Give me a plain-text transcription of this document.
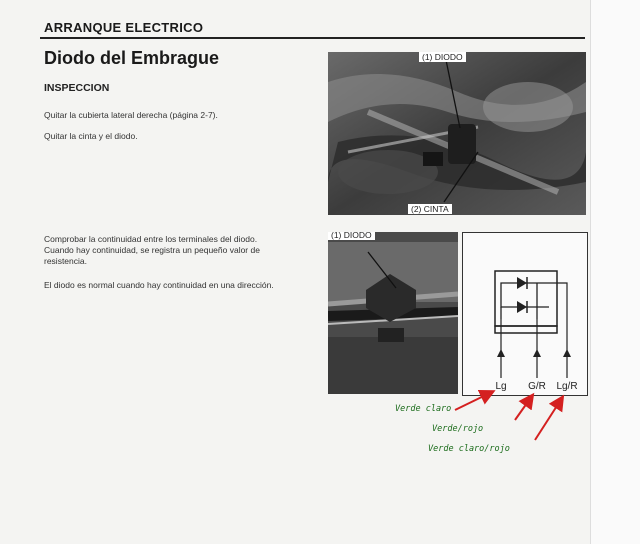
ARRANQUE ELECTRICO
Diodo del Embrague
INSPECCION
Quitar la cubierta lateral derecha (página 2-7).
Quitar la cinta y el diodo.
Comprobar la continuidad entre los terminales del diodo.
Cuando hay continuidad, se registra un pequeño valor de
resistencia.
El diodo es normal cuando hay continuidad en una dirección.
(1) DIODO
(2) CINTA
(1) DIODO
Lg G/R Lg/R
Verde claro
Verde/rojo
Verde claro/rojo
